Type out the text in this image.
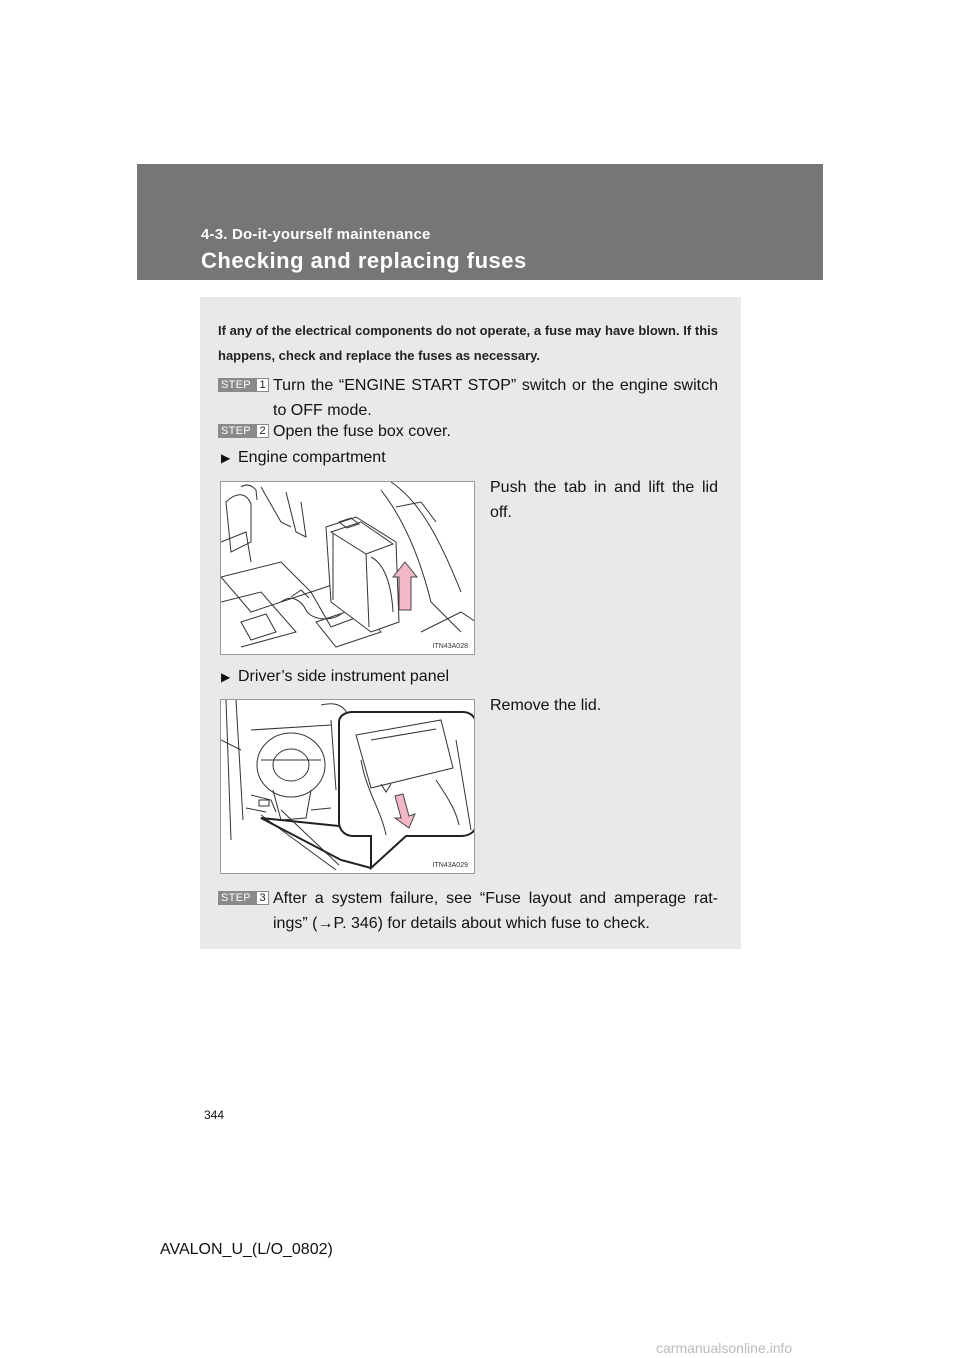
4-3. Do-it-yourself maintenance
Checking and replacing fuses
If any of the electrical components do not operate, a fuse may have blown. If this happens, check and replace the fuses as necessary.
STEP 1 Turn the “ENGINE START STOP” switch or the engine switch to OFF mode.
STEP 2 Open the fuse box cover.
▶ Engine compartment
ITN43A028
Push the tab in and lift the lid off.
▶ Driver’s side instrument panel
ITN43A029
Remove the lid.
STEP 3 After a system failure, see “Fuse layout and amperage rat-ings” (→P. 346) for details about which fuse to check.
344
AVALON_U_(L/O_0802)
carmanualsonline.info
